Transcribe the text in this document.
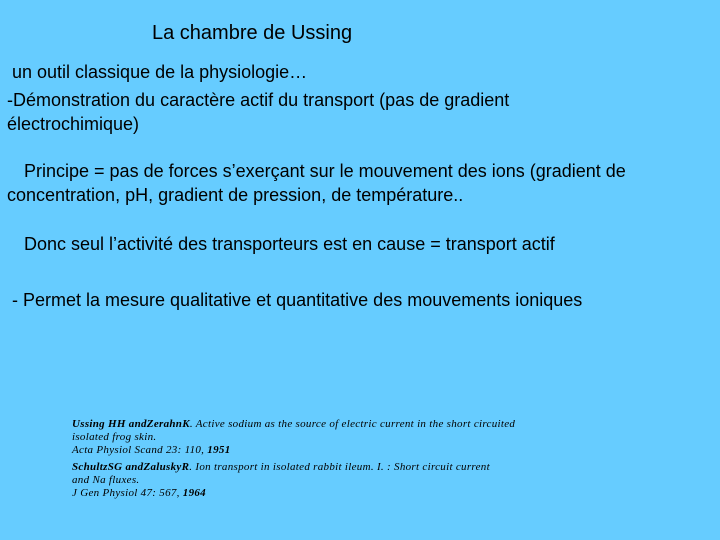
La chambre de Ussing
un outil classique de la physiologie…
-Démonstration du caractère actif du transport (pas de gradient
électrochimique)
Principe = pas de forces s’exerçant sur le mouvement des ions (gradient de
concentration, pH, gradient de pression, de température..
Donc seul l’activité des transporteurs est en cause = transport actif
- Permet la mesure qualitative et quantitative des mouvements ioniques
Ussing HH andZerahnK. Active sodium as the source of electric current in the short circuited
isolated frog skin.
Acta Physiol Scand 23: 110, 1951
SchultzSG andZaluskyR. Ion transport in isolated rabbit ileum. I. : Short circuit current
and Na fluxes.
J Gen Physiol 47: 567, 1964
